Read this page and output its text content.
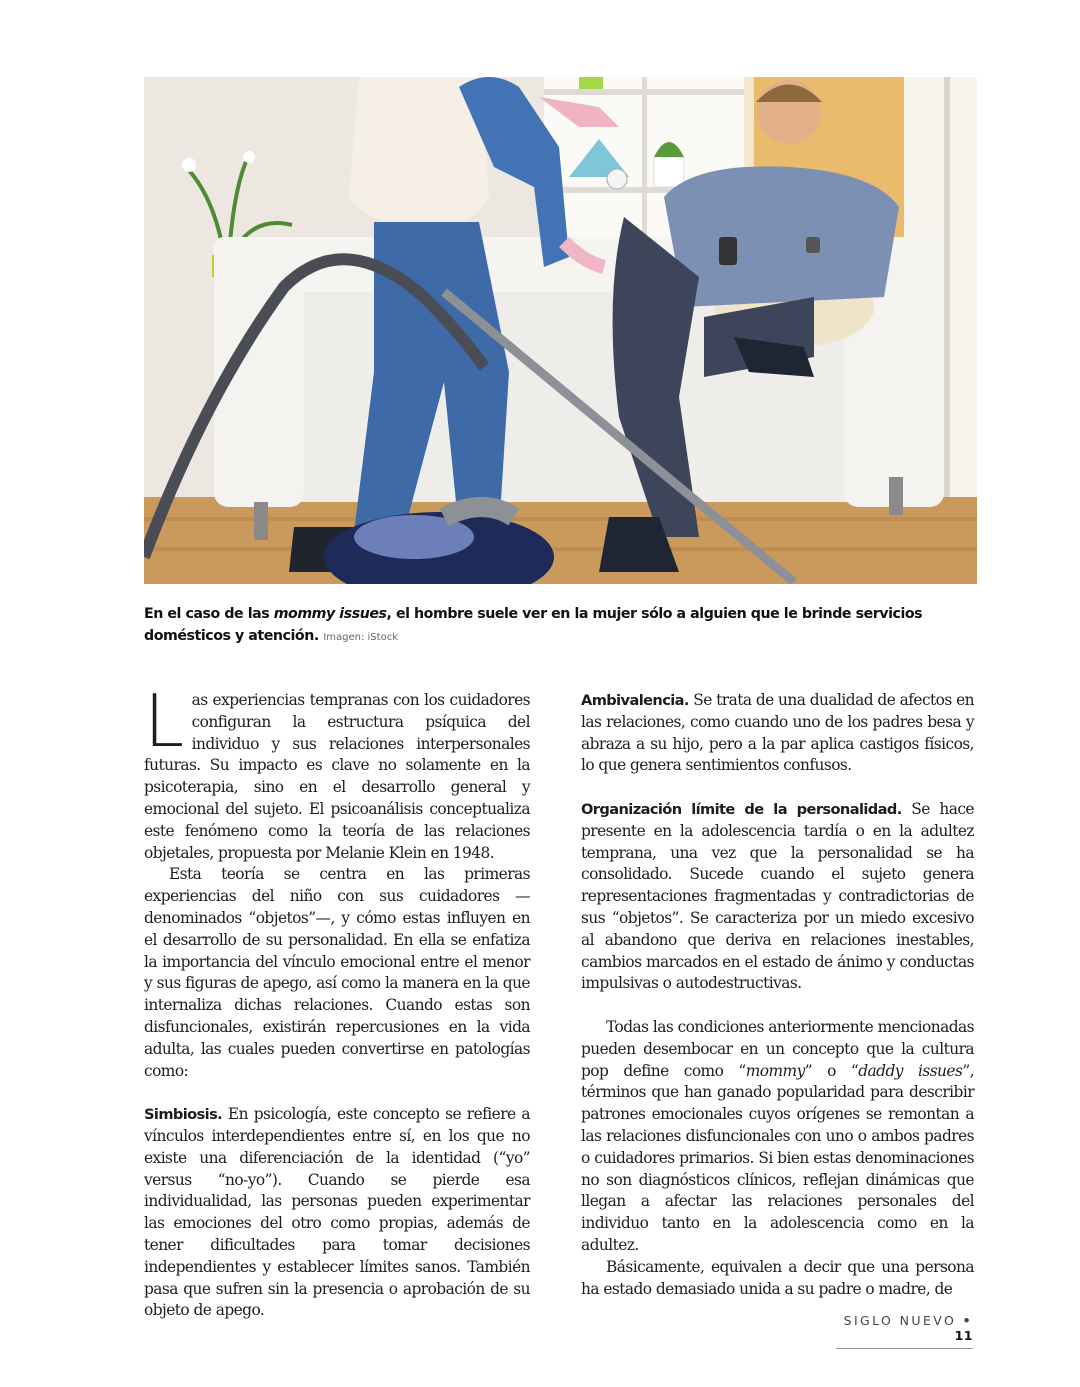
En el caso de las mommy issues, el hombre suele ver en la mujer sólo a alguien que le brinde servicios domésticos y atención. Imagen: iStock

Las experiencias tempranas con los cuidadores configuran la estructura psíquica del individuo y sus relaciones interpersonales futuras. Su impacto es clave no solamente en la psicoterapia, sino en el desarrollo general y emocional del sujeto. El psicoanálisis conceptualiza este fenómeno como la teoría de las relaciones objetales, propuesta por Melanie Klein en 1948.

Esta teoría se centra en las primeras experiencias del niño con sus cuidadores —denominados “objetos”—, y cómo estas influyen en el desarrollo de su personalidad. En ella se enfatiza la importancia del vínculo emocional entre el menor y sus figuras de apego, así como la manera en la que internaliza dichas relaciones. Cuando estas son disfuncionales, existirán repercusiones en la vida adulta, las cuales pueden convertirse en patologías como:

Simbiosis. En psicología, este concepto se refiere a vínculos interdependientes entre sí, en los que no existe una diferenciación de la identidad (“yo” versus “no-yo”). Cuando se pierde esa individualidad, las personas pueden experimentar las emociones del otro como propias, además de tener dificultades para tomar decisiones independientes y establecer límites sanos. También pasa que sufren sin la presencia o aprobación de su objeto de apego.

Ambivalencia. Se trata de una dualidad de afectos en las relaciones, como cuando uno de los padres besa y abraza a su hijo, pero a la par aplica castigos físicos, lo que genera sentimientos confusos.

Organización límite de la personalidad. Se hace presente en la adolescencia tardía o en la adultez temprana, una vez que la personalidad se ha consolidado. Sucede cuando el sujeto genera representaciones fragmentadas y contradictorias de sus “objetos”. Se caracteriza por un miedo excesivo al abandono que deriva en relaciones inestables, cambios marcados en el estado de ánimo y conductas impulsivas o autodestructivas.

Todas las condiciones anteriormente mencionadas pueden desembocar en un concepto que la cultura pop define como “mommy” o “daddy issues”, términos que han ganado popularidad para describir patrones emocionales cuyos orígenes se remontan a las relaciones disfuncionales con uno o ambos padres o cuidadores primarios. Si bien estas denominaciones no son diagnósticos clínicos, reflejan dinámicas que llegan a afectar las relaciones personales del individuo tanto en la adolescencia como en la adultez.

Básicamente, equivalen a decir que una persona ha estado demasiado unida a su padre o madre, de

SIGLO NUEVO • 11
